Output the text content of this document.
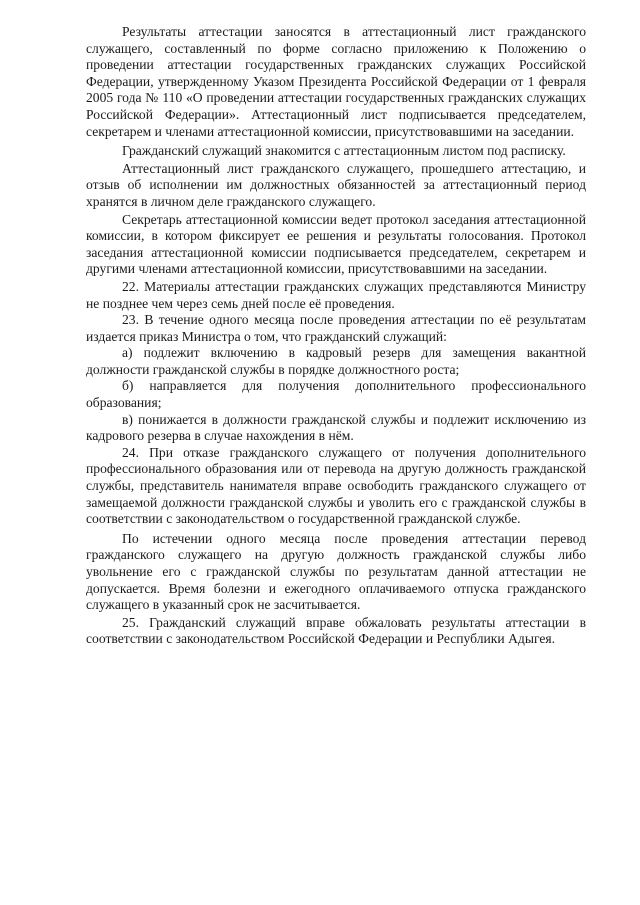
Результаты аттестации заносятся в аттестационный лист гражданского служащего, составленный по форме согласно приложению к Положению о проведении аттестации государственных гражданских служащих Российской Федерации, утвержденному Указом Президента Российской Федерации от 1 февраля 2005 года № 110 «О проведении аттестации государственных гражданских служащих Российской Федерации». Аттестационный лист подписывается председателем, секретарем и членами аттестационной комиссии, присутствовавшими на заседании.

Гражданский служащий знакомится с аттестационным листом под расписку.

Аттестационный лист гражданского служащего, прошедшего аттестацию, и отзыв об исполнении им должностных обязанностей за аттестационный период хранятся в личном деле гражданского служащего.

Секретарь аттестационной комиссии ведет протокол заседания аттестационной комиссии, в котором фиксирует ее решения и результаты голосования. Протокол заседания аттестационной комиссии подписывается председателем, секретарем и другими членами аттестационной комиссии, присутствовавшими на заседании.

22. Материалы аттестации гражданских служащих представляются Министру не позднее чем через семь дней после её проведения.

23. В течение одного месяца после проведения аттестации по её результатам издается приказ Министра о том, что гражданский служащий:

а) подлежит включению в кадровый резерв для замещения вакантной должности гражданской службы в порядке должностного роста;

б) направляется для получения дополнительного профессионального образования;

в) понижается в должности гражданской службы и подлежит исключению из кадрового резерва в случае нахождения в нём.

24. При отказе гражданского служащего от получения дополнительного профессионального образования или от перевода на другую должность гражданской службы, представитель нанимателя вправе освободить гражданского служащего от замещаемой должности гражданской службы и уволить его с гражданской службы в соответствии с законодательством о государственной гражданской службе.

По истечении одного месяца после проведения аттестации перевод гражданского служащего на другую должность гражданской службы либо увольнение его с гражданской службы по результатам данной аттестации не допускается. Время болезни и ежегодного оплачиваемого отпуска гражданского служащего в указанный срок не засчитывается.

25. Гражданский служащий вправе обжаловать результаты аттестации в соответствии с законодательством Российской Федерации и Республики Адыгея.
